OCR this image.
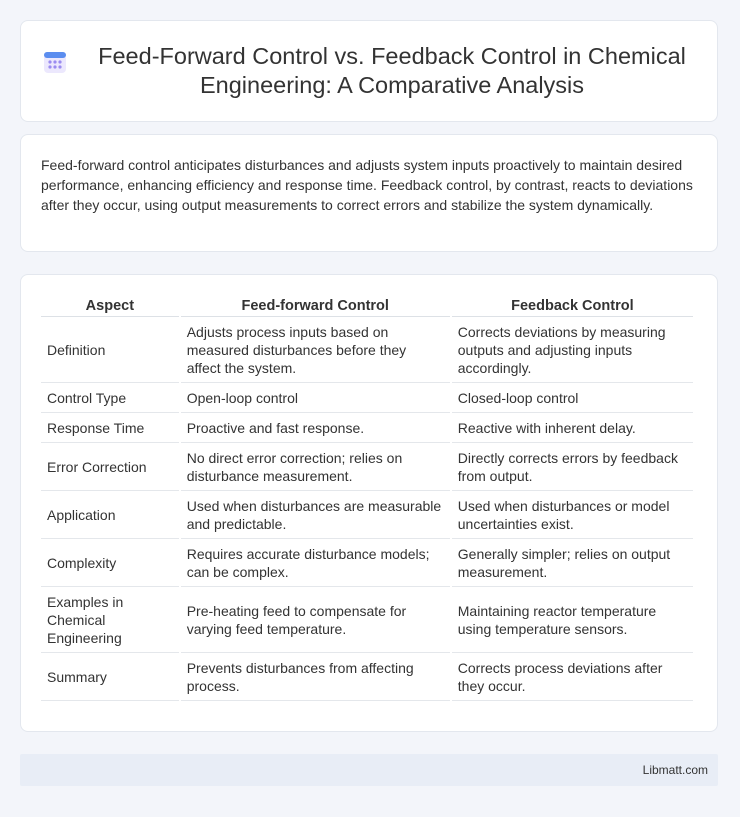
Feed-Forward Control vs. Feedback Control in Chemical Engineering: A Comparative Analysis

Feed-forward control anticipates disturbances and adjusts system inputs proactively to maintain desired performance, enhancing efficiency and response time. Feedback control, by contrast, reacts to deviations after they occur, using output measurements to correct errors and stabilize the system dynamically.

Aspect	Feed-forward Control	Feedback Control
Definition	Adjusts process inputs based on measured disturbances before they affect the system.	Corrects deviations by measuring outputs and adjusting inputs accordingly.
Control Type	Open-loop control	Closed-loop control
Response Time	Proactive and fast response.	Reactive with inherent delay.
Error Correction	No direct error correction; relies on disturbance measurement.	Directly corrects errors by feedback from output.
Application	Used when disturbances are measurable and predictable.	Used when disturbances or model uncertainties exist.
Complexity	Requires accurate disturbance models; can be complex.	Generally simpler; relies on output measurement.
Examples in Chemical Engineering	Pre-heating feed to compensate for varying feed temperature.	Maintaining reactor temperature using temperature sensors.
Summary	Prevents disturbances from affecting process.	Corrects process deviations after they occur.
Libmatt.com
